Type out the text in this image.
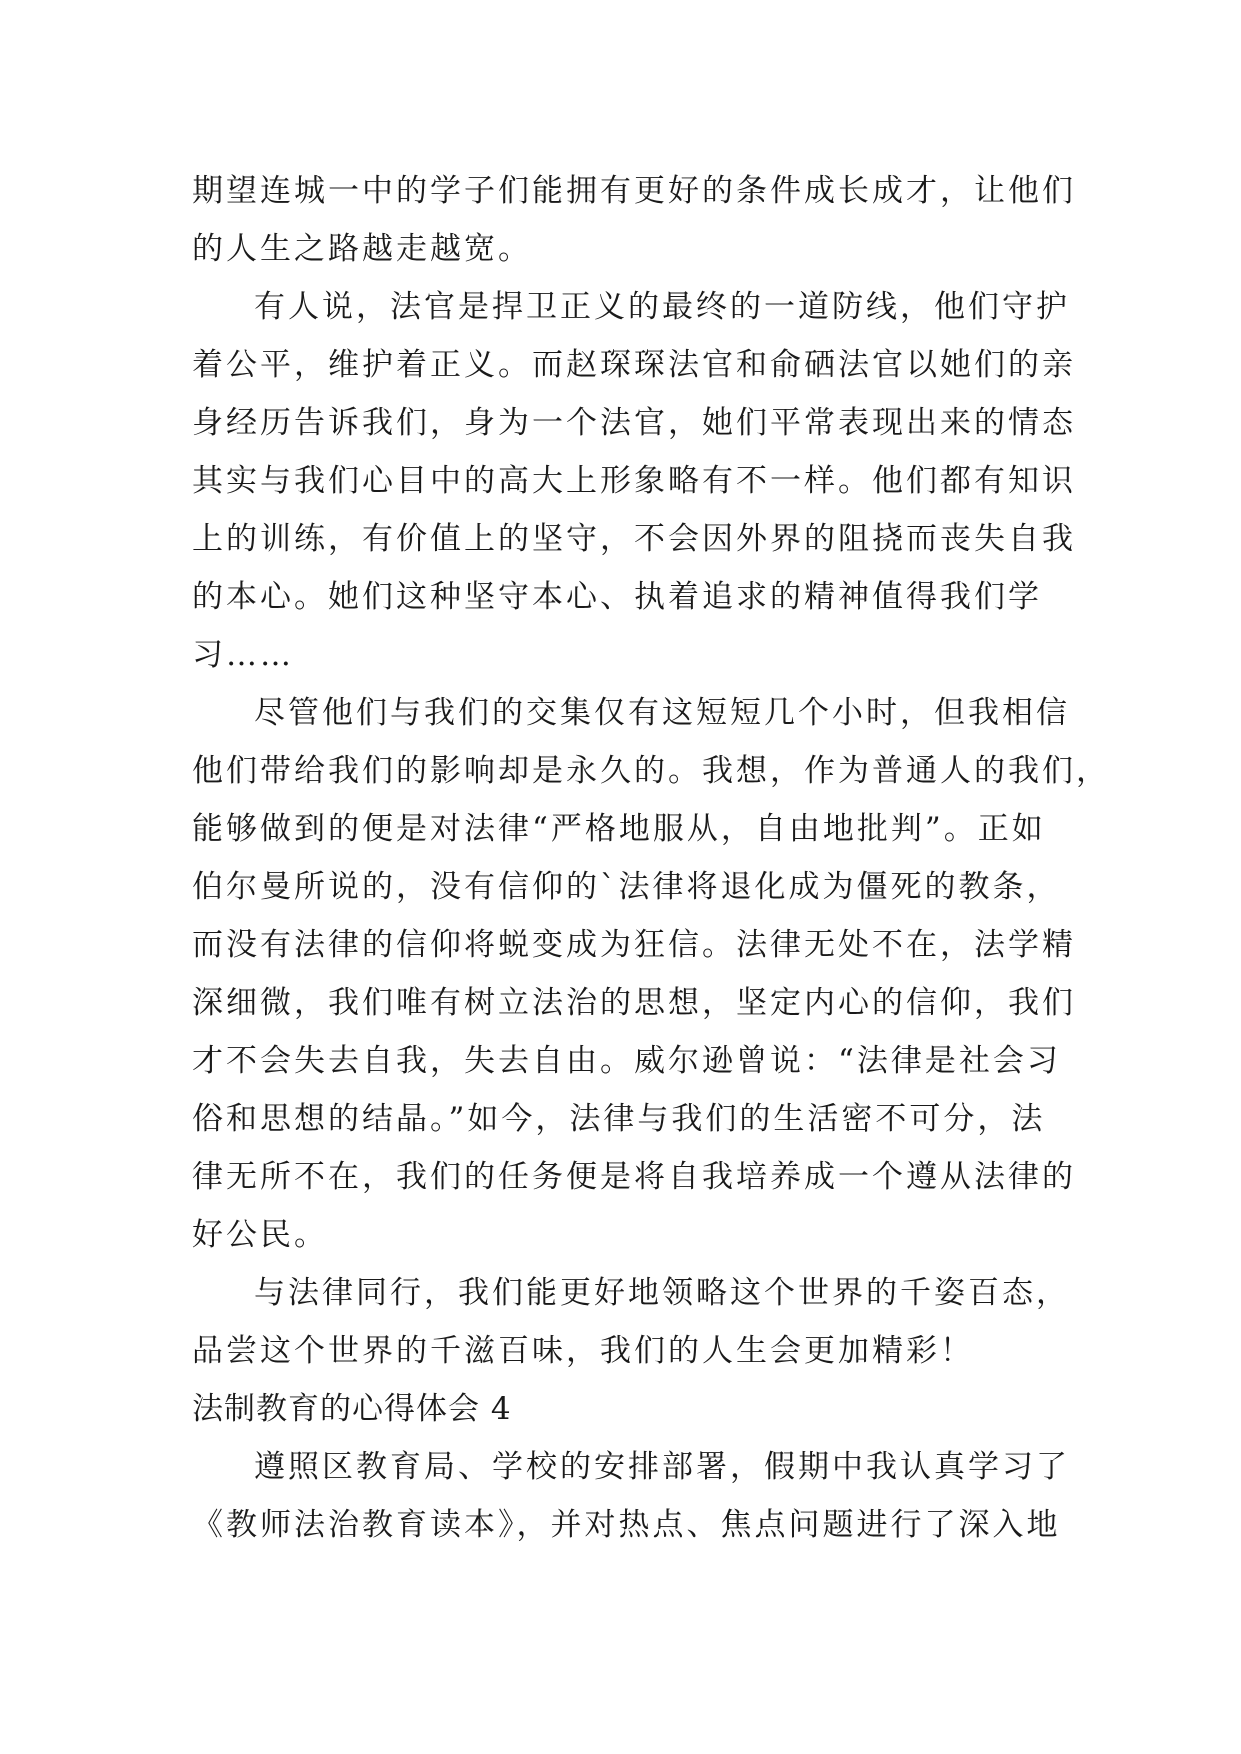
期望连城一中的学子们能拥有更好的条件成长成才，让他们
的人生之路越走越宽。
有人说，法官是捍卫正义的最终的一道防线，他们守护
着公平，维护着正义。而赵琛琛法官和俞硒法官以她们的亲
身经历告诉我们，身为一个法官，她们平常表现出来的情态
其实与我们心目中的高大上形象略有不一样。他们都有知识
上的训练，有价值上的坚守，不会因外界的阻挠而丧失自我
的本心。她们这种坚守本心、执着追求的精神值得我们学
习……
尽管他们与我们的交集仅有这短短几个小时，但我相信
他们带给我们的影响却是永久的。我想，作为普通人的我们，
能够做到的便是对法律“严格地服从，自由地批判”。正如
伯尔曼所说的，没有信仰的`法律将退化成为僵死的教条，
而没有法律的信仰将蜕变成为狂信。法律无处不在，法学精
深细微，我们唯有树立法治的思想，坚定内心的信仰，我们
才不会失去自我，失去自由。威尔逊曾说：“法律是社会习
俗和思想的结晶。”如今，法律与我们的生活密不可分，法
律无所不在，我们的任务便是将自我培养成一个遵从法律的
好公民。
与法律同行，我们能更好地领略这个世界的千姿百态，
品尝这个世界的千滋百味，我们的人生会更加精彩！
法制教育的心得体会 4
遵照区教育局、学校的安排部署，假期中我认真学习了
《教师法治教育读本》，并对热点、焦点问题进行了深入地
